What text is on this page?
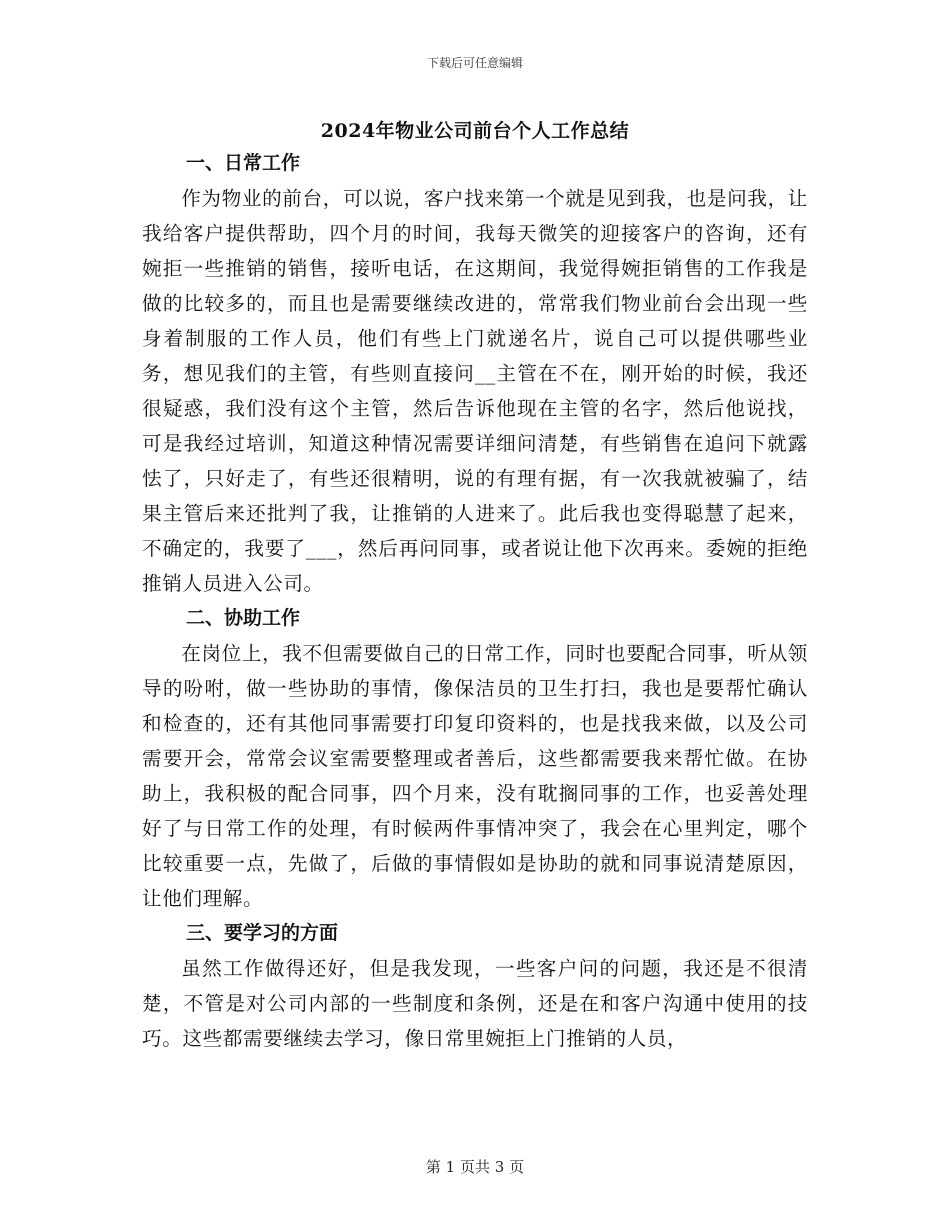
下载后可任意编辑
2024年物业公司前台个人工作总结

一、日常工作

作为物业的前台，可以说，客户找来第一个就是见到我，也是问我，让我给客户提供帮助，四个月的时间，我每天微笑的迎接客户的咨询，还有婉拒一些推销的销售，接听电话，在这期间，我觉得婉拒销售的工作我是做的比较多的，而且也是需要继续改进的，常常我们物业前台会出现一些身着制服的工作人员，他们有些上门就递名片，说自己可以提供哪些业务，想见我们的主管，有些则直接问__主管在不在，刚开始的时候，我还很疑惑，我们没有这个主管，然后告诉他现在主管的名字，然后他说找，可是我经过培训，知道这种情况需要详细问清楚，有些销售在追问下就露怯了，只好走了，有些还很精明，说的有理有据，有一次我就被骗了，结果主管后来还批判了我，让推销的人进来了。此后我也变得聪慧了起来，不确定的，我要了___，然后再问同事，或者说让他下次再来。委婉的拒绝推销人员进入公司。

二、协助工作

在岗位上，我不但需要做自己的日常工作，同时也要配合同事，听从领导的吩咐，做一些协助的事情，像保洁员的卫生打扫，我也是要帮忙确认和检查的，还有其他同事需要打印复印资料的，也是找我来做，以及公司需要开会，常常会议室需要整理或者善后，这些都需要我来帮忙做。在协助上，我积极的配合同事，四个月来，没有耽搁同事的工作，也妥善处理好了与日常工作的处理，有时候两件事情冲突了，我会在心里判定，哪个比较重要一点，先做了，后做的事情假如是协助的就和同事说清楚原因，让他们理解。

三、要学习的方面

虽然工作做得还好，但是我发现，一些客户问的问题，我还是不很清楚，不管是对公司内部的一些制度和条例，还是在和客户沟通中使用的技巧。这些都需要继续去学习，像日常里婉拒上门推销的人员，

第 1 页共 3 页
